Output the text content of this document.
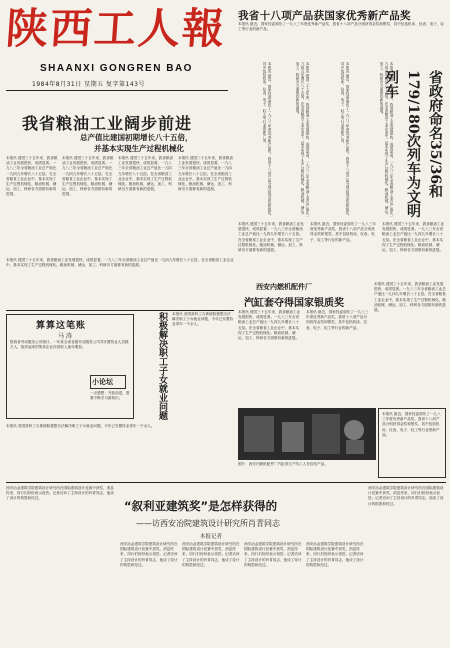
陕西工人報
SHAANXI GONGREN BAO
1984年8月31日 星期五 复字第143号
我省十八项产品获国家优秀新产品奖
本报讯 最近，国家经委颁布了一九八三年度优秀新产品奖，我省十八项产品分别获得金奖和银奖，其中包括机床、仪表、电子、轻工等行业的新产品。
本报讯 最近，国家经委颁布了一九八三年度优秀新产品奖，我省十八项产品分别获得金奖和银奖，其中包括机床、仪表、电子、轻工等行业的新产品。	本报讯 建国三十五年来，我省粮油工业发展很快，成绩显著。一九八三年全省粮油工业总产值比一九四九年增长八十五倍。在全省粮食工业企业中，基本实现了生产过程机械化。粮油机械、储运、加工、科研各方面都有新的进展。	本报讯 最近，国家经委颁布了一九八三年度优秀新产品奖，我省十八项产品分别获得金奖和银奖，其中包括机床、仪表、电子、轻工等行业的新产品。	本报讯 建国三十五年来，我省粮油工业发展很快，成绩显著。一九八三年全省粮油工业总产值比一九四九年增长八十五倍。在全省粮食工业企业中，基本实现了生产过程机械化。粮油机械、储运、加工、科研各方面都有新的进展。	省政府命名35/36和179/180次列车为文明列车
我省粮油工业阔步前进
总产值比建国初期增长八十五倍，
并基本实现生产过程机械化
本报讯 建国三十五年来，我省粮油工业发展很快，成绩显著。一九八三年全省粮油工业总产值比一九四九年增长八十五倍。在全省粮食工业企业中，基本实现了生产过程机械化。粮油机械、储运、加工、科研各方面都有新的进展。
本报讯 建国三十五年来，我省粮油工业发展很快，成绩显著。一九八三年全省粮油工业总产值比一九四九年增长八十五倍。在全省粮食工业企业中，基本实现了生产过程机械化。粮油机械、储运、加工、科研各方面都有新的进展。
本报讯 建国三十五年来，我省粮油工业发展很快，成绩显著。一九八三年全省粮油工业总产值比一九四九年增长八十五倍。在全省粮食工业企业中，基本实现了生产过程机械化。粮油机械、储运、加工、科研各方面都有新的进展。
本报讯 建国三十五年来，我省粮油工业发展很快，成绩显著。一九八三年全省粮油工业总产值比一九四九年增长八十五倍。在全省粮食工业企业中，基本实现了生产过程机械化。粮油机械、储运、加工、科研各方面都有新的进展。
本报讯 建国三十五年来，我省粮油工业发展很快，成绩显著。一九八三年全省粮油工业总产值比一九四九年增长八十五倍。在全省粮食工业企业中，基本实现了生产过程机械化。粮油机械、储运、加工、科研各方面都有新的进展。
本报讯 最近，国家经委颁布了一九八三年度优秀新产品奖，我省十八项产品分别获得金奖和银奖，其中包括机床、仪表、电子、轻工等行业的新产品。
本报讯 建国三十五年来，我省粮油工业发展很快，成绩显著。一九八三年全省粮油工业总产值比一九四九年增长八十五倍。在全省粮食工业企业中，基本实现了生产过程机械化。粮油机械、储运、加工、科研各方面都有新的进展。
本报讯 建国三十五年来，我省粮油工业发展很快，成绩显著。一九八三年全省粮油工业总产值比一九四九年增长八十五倍。在全省粮食工业企业中，基本实现了生产过程机械化。粮油机械、储运、加工、科研各方面都有新的进展。
算算这笔账
马 涛
陕西省劳动服务公司统计，一年来全省各级劳动服务公司共安置待业人员数万人，组织起来的集体企业经营收入逐年增加。
小论坛
一点感想：开拓前进，需要不断学习新知识。	积极解决职工子女就业问题 本报讯 省国营科工办系统积极想办法解决职工子女就业问题，今年已安置待业青年一千余人。
西安内燃机配件厂
汽缸套夺得国家银质奖
本报讯 建国三十五年来，我省粮油工业发展很快，成绩显著。一九八三年全省粮油工业总产值比一九四九年增长八十五倍。在全省粮食工业企业中，基本实现了生产过程机械化。粮油机械、储运、加工、科研各方面都有新的进展。
本报讯 最近，国家经委颁布了一九八三年度优秀新产品奖，我省十八项产品分别获得金奖和银奖，其中包括机床、仪表、电子、轻工等行业的新产品。
本报讯 建国三十五年来，我省粮油工业发展很快，成绩显著。一九八三年全省粮油工业总产值比一九四九年增长八十五倍。在全省粮食工业企业中，基本实现了生产过程机械化。粮油机械、储运、加工、科研各方面都有新的进展。
照片：西安内燃机配件厂汽缸套生产线工人在检验产品。
本报讯 最近，国家经委颁布了一九八三年度优秀新产品奖，我省十八项产品分别获得金奖和银奖，其中包括机床、仪表、电子、轻工等行业的新产品。
本报讯 省国营科工办系统积极想办法解决职工子女就业问题，今年已安置待业青年一千余人。
西安冶金建筑学院建筑设计研究所在国际建筑设计竞赛中获奖，消息传来，同行们纷纷表示祝贺。记者访问了主持设计的肖青同志，他谈了设计的构思和经过。
“叙利亚建筑奖”是怎样获得的
——访西安冶院建筑设计研究所肖青同志
本报记者
西安冶金建筑学院建筑设计研究所在国际建筑设计竞赛中获奖，消息传来，同行们纷纷表示祝贺。记者访问了主持设计的肖青同志，他谈了设计的构思和经过。
西安冶金建筑学院建筑设计研究所在国际建筑设计竞赛中获奖，消息传来，同行们纷纷表示祝贺。记者访问了主持设计的肖青同志，他谈了设计的构思和经过。
西安冶金建筑学院建筑设计研究所在国际建筑设计竞赛中获奖，消息传来，同行们纷纷表示祝贺。记者访问了主持设计的肖青同志，他谈了设计的构思和经过。
西安冶金建筑学院建筑设计研究所在国际建筑设计竞赛中获奖，消息传来，同行们纷纷表示祝贺。记者访问了主持设计的肖青同志，他谈了设计的构思和经过。
西安冶金建筑学院建筑设计研究所在国际建筑设计竞赛中获奖，消息传来，同行们纷纷表示祝贺。记者访问了主持设计的肖青同志，他谈了设计的构思和经过。
